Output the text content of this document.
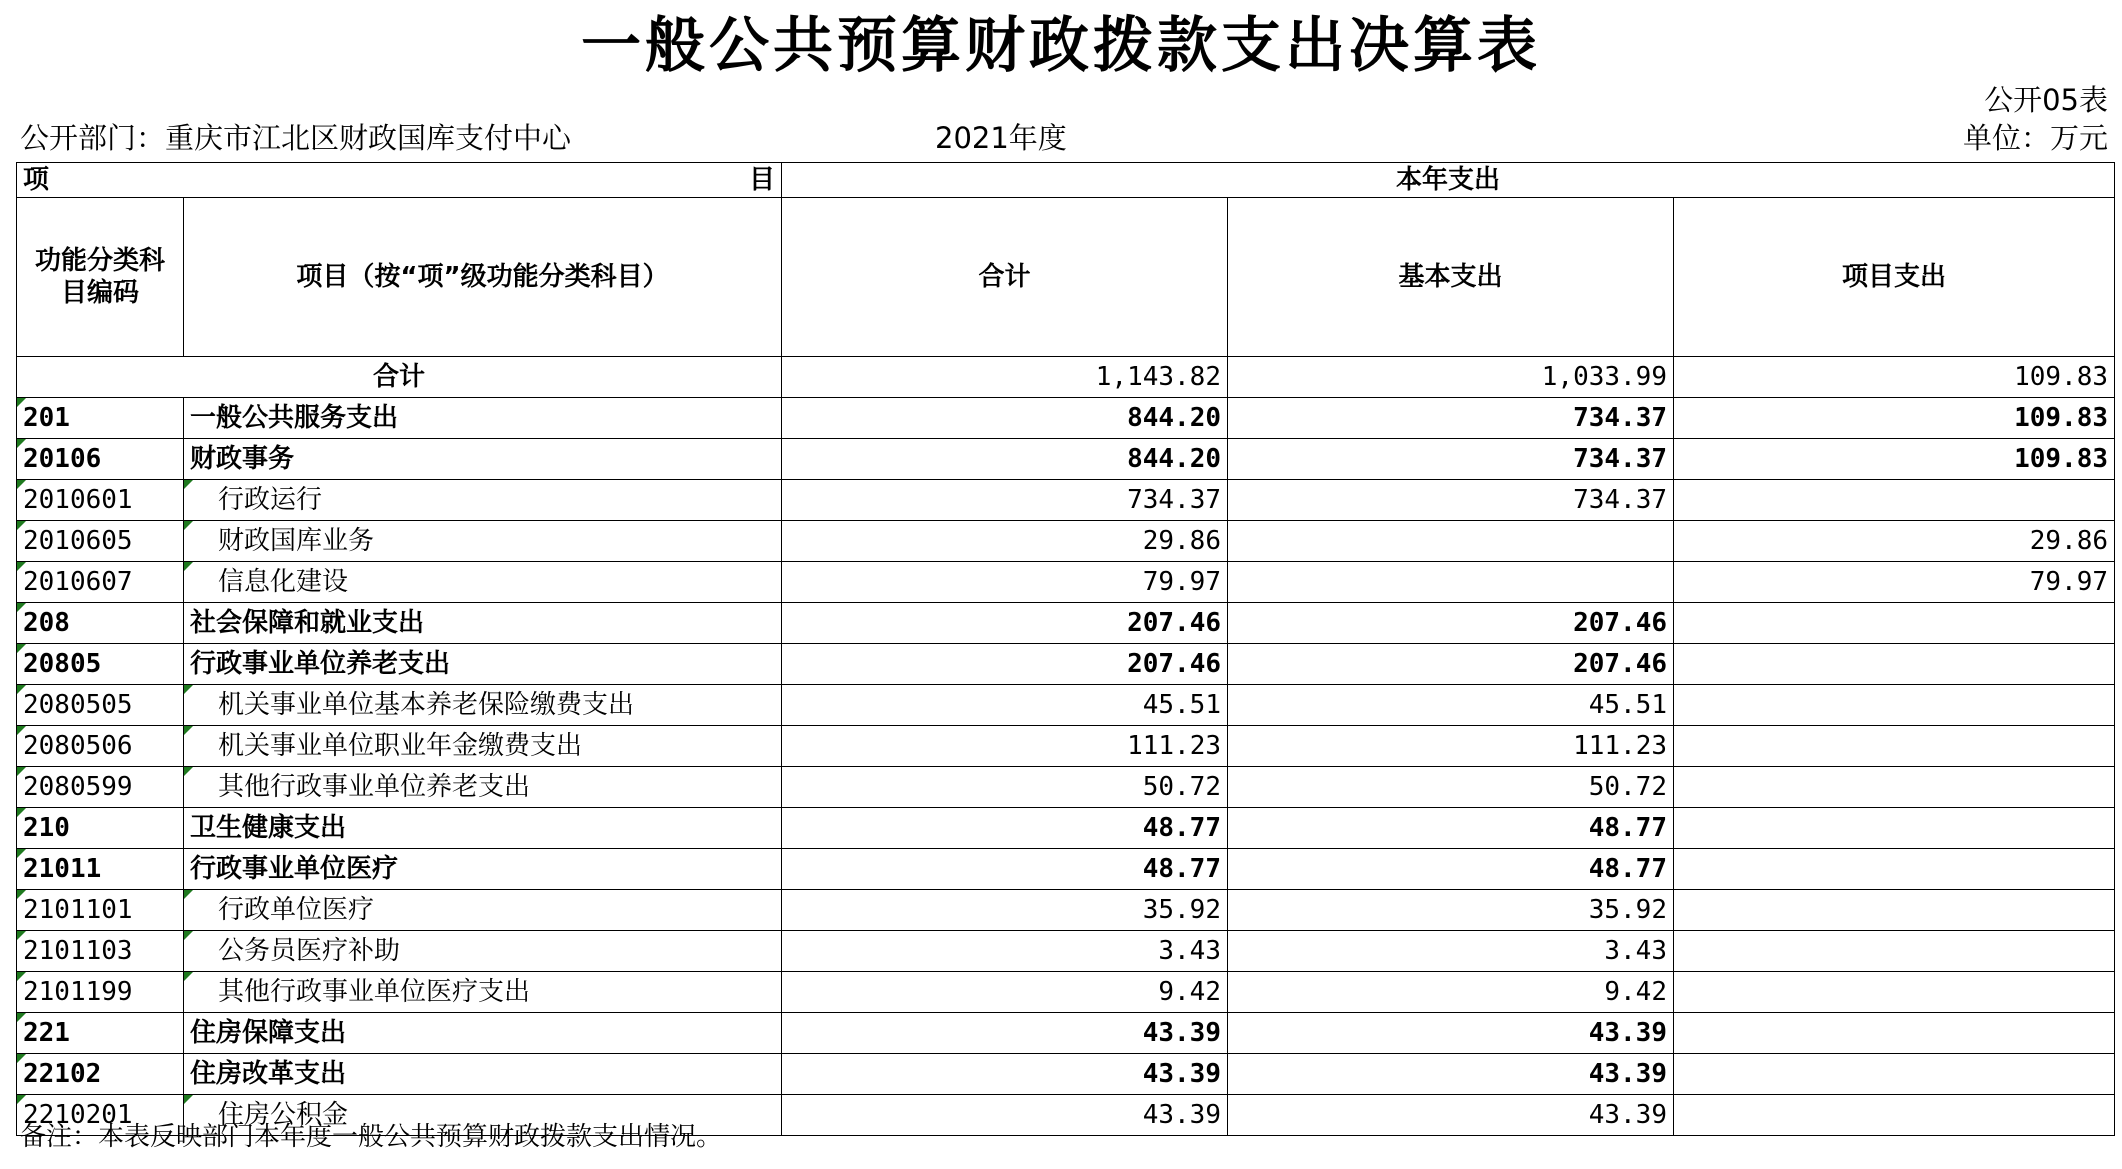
一般公共预算财政拨款支出决算表
公开05表
公开部门：重庆市江北区财政国库支付中心	2021年度	单位：万元
项 目		本年支出		
功能分类科目编码	项目（按“项”级功能分类科目）	合计	基本支出	项目支出
合计		1,143.82	1,033.99	109.83
201	一般公共服务支出	844.20	734.37	109.83
20106	财政事务	844.20	734.37	109.83
2010601	行政运行	734.37	734.37	
2010605	财政国库业务	29.86		29.86
2010607	信息化建设	79.97		79.97
208	社会保障和就业支出	207.46	207.46	
20805	行政事业单位养老支出	207.46	207.46	
2080505	机关事业单位基本养老保险缴费支出	45.51	45.51	
2080506	机关事业单位职业年金缴费支出	111.23	111.23	
2080599	其他行政事业单位养老支出	50.72	50.72	
210	卫生健康支出	48.77	48.77	
21011	行政事业单位医疗	48.77	48.77	
2101101	行政单位医疗	35.92	35.92	
2101103	公务员医疗补助	3.43	3.43	
2101199	其他行政事业单位医疗支出	9.42	9.42	
221	住房保障支出	43.39	43.39	
22102	住房改革支出	43.39	43.39	
2210201	住房公积金	43.39	43.39	
备注：本表反映部门本年度一般公共预算财政拨款支出情况。
